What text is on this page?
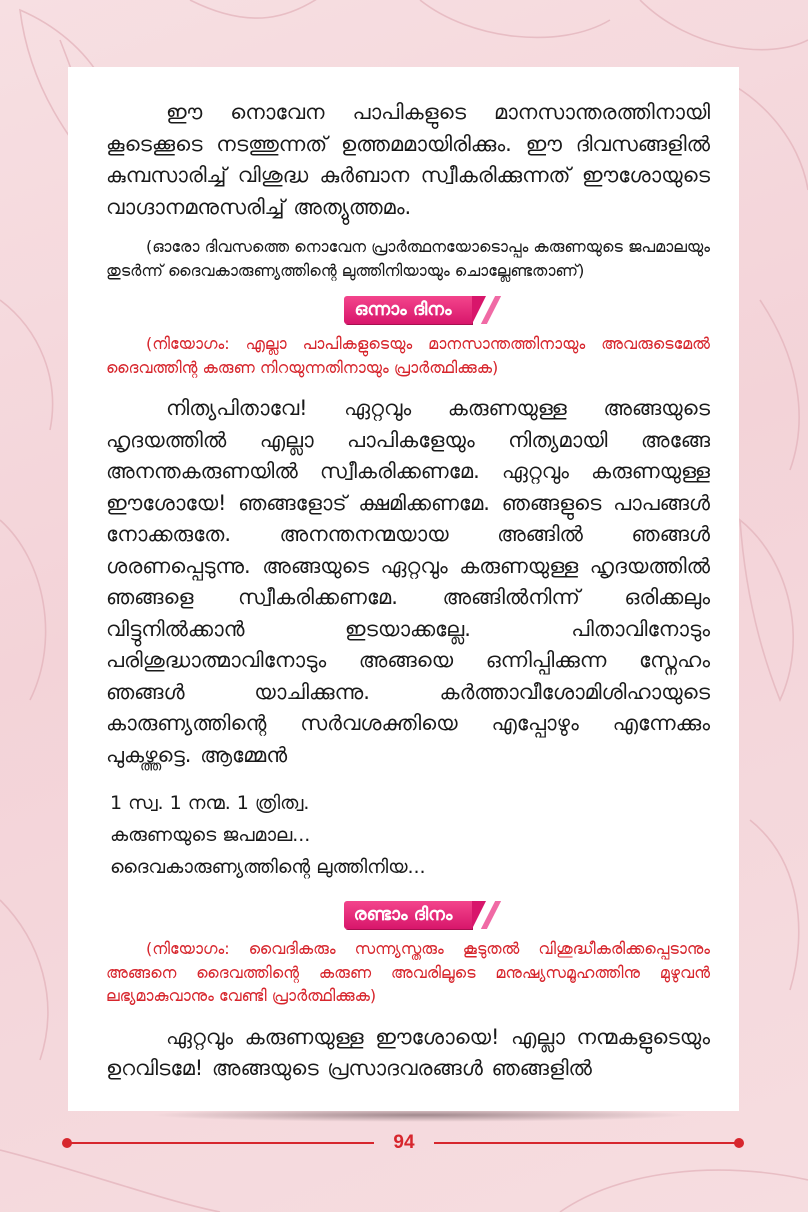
ഈ നൊവേന പാപികളുടെ മാനസാന്തരത്തിനായി കൂടെക്കൂടെ നടത്തുന്നത് ഉത്തമമായിരിക്കും. ഈ ദിവസങ്ങളിൽ കുമ്പസാരിച്ച് വിശുദ്ധ കുർബാന സ്വീകരിക്കുന്നത് ഈശോയുടെ വാഗ്ദാനമനുസരിച്ച് അത്യുത്തമം.

(ഓരോ ദിവസത്തെ നൊവേന പ്രാർത്ഥനയോടൊപ്പം കരുണയുടെ ജപമാലയും തുടർന്ന് ദൈവകാരുണ്യത്തിന്റെ ലുത്തിനിയായും ചൊല്ലേണ്ടതാണ്)

ഒന്നാം ദിനം

(നിയോഗം: എല്ലാ പാപികളുടെയും മാനസാന്തത്തിനായും അവരുടെമേൽ ദൈവത്തിന്റ കരുണ നിറയുന്നതിനായും പ്രാർത്ഥിക്കുക)

നിത്യപിതാവേ! ഏറ്റവും കരുണയുള്ള അങ്ങയുടെ ഹൃദയത്തിൽ എല്ലാ പാപികളേയും നിത്യമായി അങ്ങേ അനന്തകരുണയിൽ സ്വീകരിക്കണമേ. ഏറ്റവും കരുണയുള്ള ഈശോയേ! ഞങ്ങളോട് ക്ഷമിക്കണമേ. ഞങ്ങളുടെ പാപങ്ങൾ നോക്കരുതേ. അനന്തനന്മയായ അങ്ങിൽ ഞങ്ങൾ ശരണപ്പെടുന്നു. അങ്ങയുടെ ഏറ്റവും കരുണയുള്ള ഹൃദയത്തിൽ ഞങ്ങളെ സ്വീകരിക്കണമേ. അങ്ങിൽനിന്ന് ഒരിക്കലും വിട്ടുനിൽക്കാൻ ഇടയാക്കല്ലേ. പിതാവിനോടും പരിശുദ്ധാത്മാവിനോടും അങ്ങയെ ഒന്നിപ്പിക്കുന്ന സ്നേഹം ഞങ്ങൾ യാചിക്കുന്നു. കർത്താവീശോമിശിഹായുടെ കാരുണ്യത്തിന്റെ സർവശക്തിയെ എപ്പോഴും എന്നേക്കും പുകഴ്ത്തട്ടെ. ആമ്മേൻ

1 സ്വ. 1 നന്മ. 1 ത്രിത്വ.
കരുണയുടെ ജപമാല...
ദൈവകാരുണ്യത്തിന്റെ ലുത്തിനിയ...
രണ്ടാം ദിനം

(നിയോഗം: വൈദികരും സന്ന്യസ്തരും കൂടുതൽ വിശുദ്ധീകരിക്കപ്പെടാനും അങ്ങനെ ദൈവത്തിന്റെ കരുണ അവരിലൂടെ മനുഷ്യസമൂഹത്തിനു മുഴുവൻ ലഭ്യമാകുവാനും വേണ്ടി പ്രാർത്ഥിക്കുക)

ഏറ്റവും കരുണയുള്ള ഈശോയെ! എല്ലാ നന്മകളുടെയും ഉറവിടമേ! അങ്ങയുടെ പ്രസാദവരങ്ങൾ ഞങ്ങളിൽ

94
